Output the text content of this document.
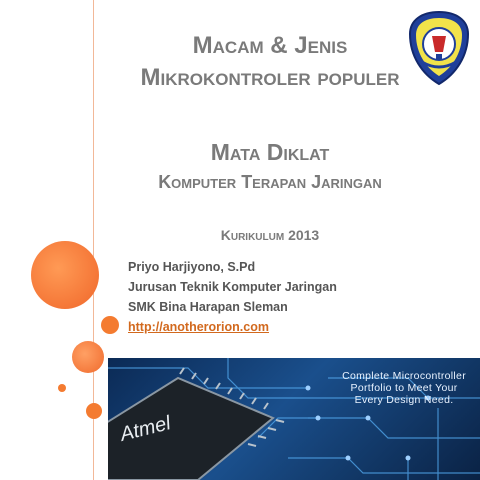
Macam & Jenis
Mikrokontroler populer
Mata Diklat
Komputer Terapan Jaringan
Kurikulum 2013
Priyo Harjiyono, S.Pd
Jurusan Teknik Komputer Jaringan
SMK Bina Harapan Sleman
http://anotherorion.com
Atmel
Complete Microcontroller
Portfolio to Meet Your
Every Design Need.
